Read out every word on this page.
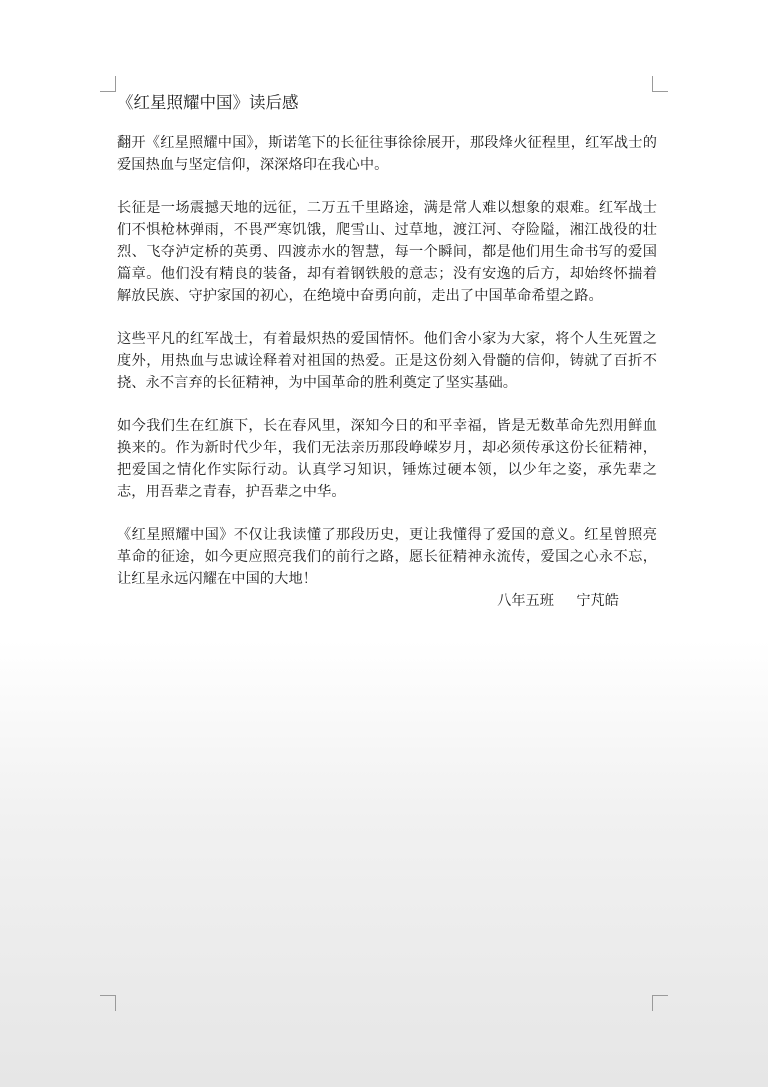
《红星照耀中国》读后感

翻开《红星照耀中国》，斯诺笔下的长征往事徐徐展开，那段烽火征程里，红军战士的爱国热血与坚定信仰，深深烙印在我心中。

长征是一场震撼天地的远征，二万五千里路途，满是常人难以想象的艰难。红军战士们不惧枪林弹雨，不畏严寒饥饿，爬雪山、过草地，渡江河、夺险隘，湘江战役的壮烈、飞夺泸定桥的英勇、四渡赤水的智慧，每一个瞬间，都是他们用生命书写的爱国篇章。他们没有精良的装备，却有着钢铁般的意志；没有安逸的后方，却始终怀揣着解放民族、守护家国的初心，在绝境中奋勇向前，走出了中国革命希望之路。

这些平凡的红军战士，有着最炽热的爱国情怀。他们舍小家为大家，将个人生死置之度外，用热血与忠诚诠释着对祖国的热爱。正是这份刻入骨髓的信仰，铸就了百折不挠、永不言弃的长征精神，为中国革命的胜利奠定了坚实基础。

如今我们生在红旗下，长在春风里，深知今日的和平幸福，皆是无数革命先烈用鲜血换来的。作为新时代少年，我们无法亲历那段峥嵘岁月，却必须传承这份长征精神，把爱国之情化作实际行动。认真学习知识，锤炼过硬本领，以少年之姿，承先辈之志，用吾辈之青春，护吾辈之中华。

《红星照耀中国》不仅让我读懂了那段历史，更让我懂得了爱国的意义。红星曾照亮革命的征途，如今更应照亮我们的前行之路，愿长征精神永流传，爱国之心永不忘，让红星永远闪耀在中国的大地！

八年五班     宁芃皓
